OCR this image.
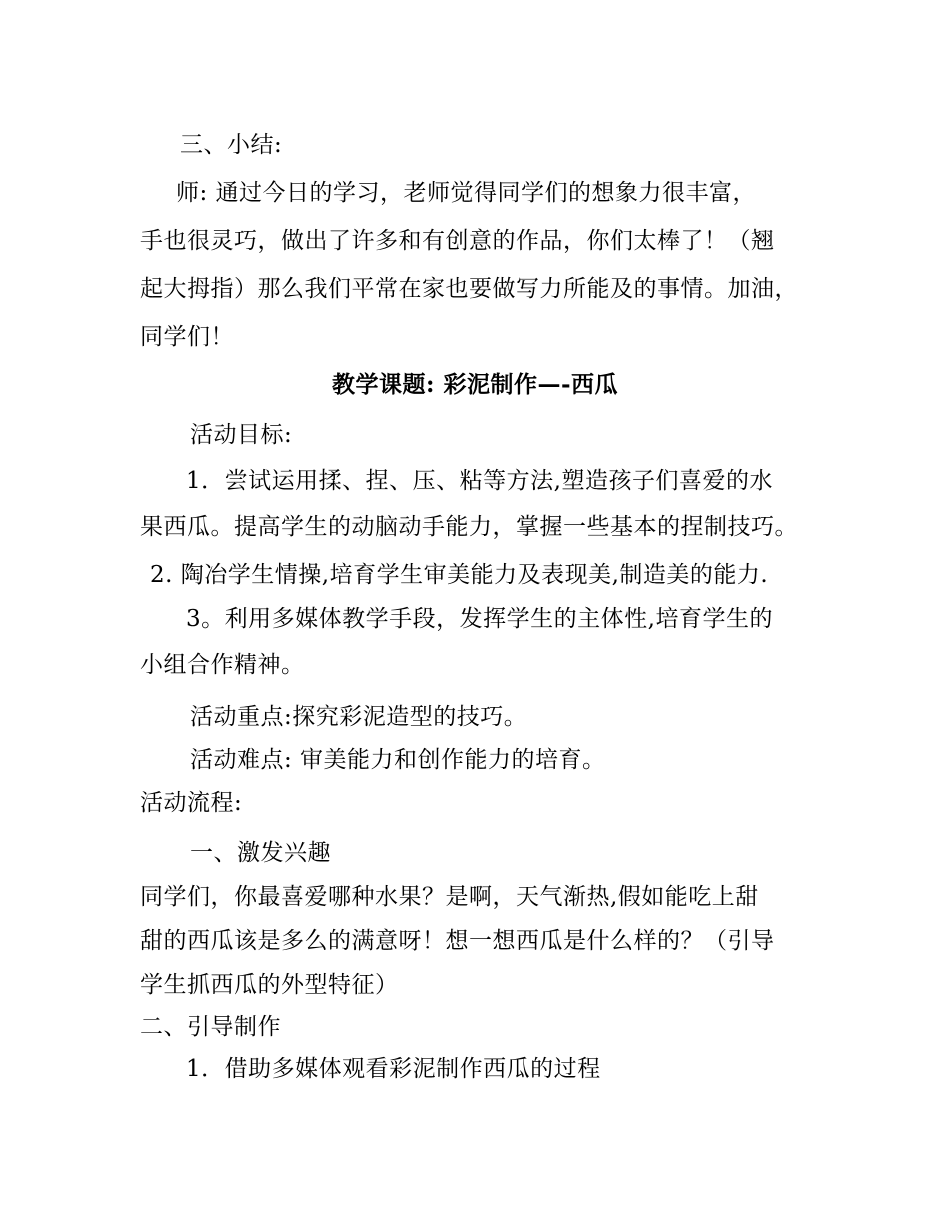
三、小结:
师: 通过今日的学习，老师觉得同学们的想象力很丰富，
手也很灵巧，做出了许多和有创意的作品，你们太棒了！（翘
起大拇指）那么我们平常在家也要做写力所能及的事情。加油，
同学们！
教学课题: 彩泥制作—-西瓜
活动目标:
1．尝试运用揉、捏、压、粘等方法,塑造孩子们喜爱的水
果西瓜。提高学生的动脑动手能力，掌握一些基本的捏制技巧。
2. 陶冶学生情操,培育学生审美能力及表现美,制造美的能力.
3。利用多媒体教学手段，发挥学生的主体性,培育学生的
小组合作精神。
活动重点:探究彩泥造型的技巧。
活动难点: 审美能力和创作能力的培育。
活动流程:
一、激发兴趣
同学们，你最喜爱哪种水果？是啊，天气渐热,假如能吃上甜
甜的西瓜该是多么的满意呀！想一想西瓜是什么样的？（引导
学生抓西瓜的外型特征）
二、引导制作
1．借助多媒体观看彩泥制作西瓜的过程
